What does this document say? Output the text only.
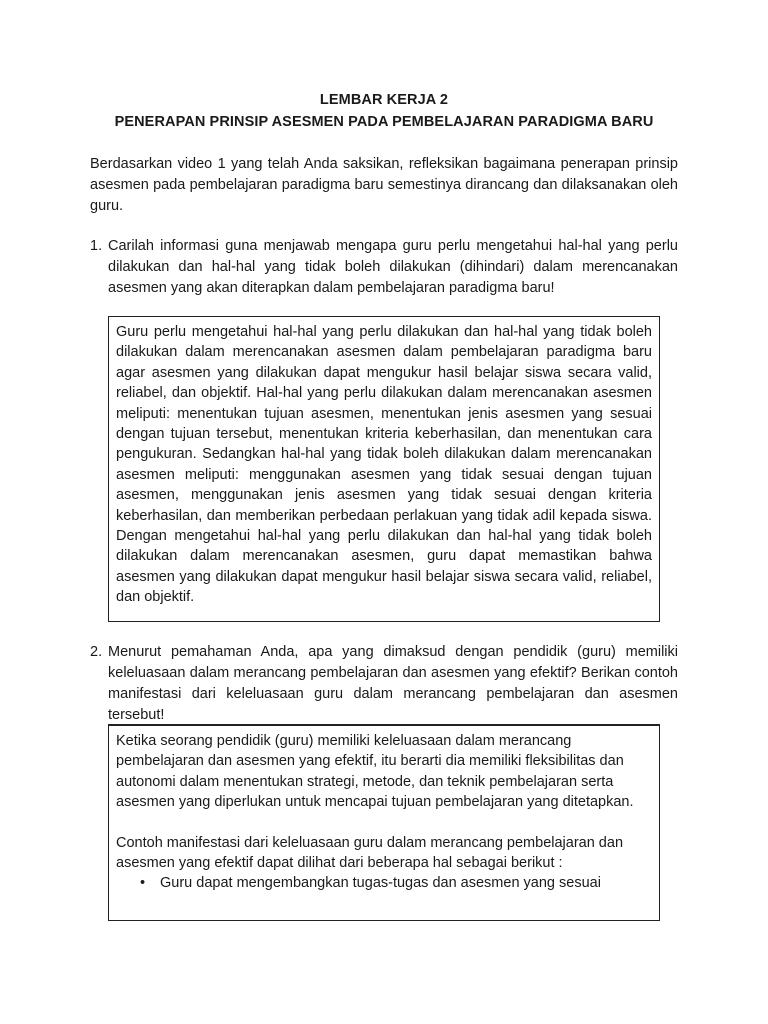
LEMBAR KERJA 2
PENERAPAN PRINSIP ASESMEN PADA PEMBELAJARAN PARADIGMA BARU
Berdasarkan video 1 yang telah Anda saksikan, refleksikan bagaimana penerapan prinsip asesmen pada pembelajaran paradigma baru semestinya dirancang dan dilaksanakan oleh guru.
1. Carilah informasi guna menjawab mengapa guru perlu mengetahui hal-hal yang perlu dilakukan dan hal-hal yang tidak boleh dilakukan (dihindari) dalam merencanakan asesmen yang akan diterapkan dalam pembelajaran paradigma baru!
Guru perlu mengetahui hal-hal yang perlu dilakukan dan hal-hal yang tidak boleh dilakukan dalam merencanakan asesmen dalam pembelajaran paradigma baru agar asesmen yang dilakukan dapat mengukur hasil belajar siswa secara valid, reliabel, dan objektif. Hal-hal yang perlu dilakukan dalam merencanakan asesmen meliputi: menentukan tujuan asesmen, menentukan jenis asesmen yang sesuai dengan tujuan tersebut, menentukan kriteria keberhasilan, dan menentukan cara pengukuran. Sedangkan hal-hal yang tidak boleh dilakukan dalam merencanakan asesmen meliputi: menggunakan asesmen yang tidak sesuai dengan tujuan asesmen, menggunakan jenis asesmen yang tidak sesuai dengan kriteria keberhasilan, dan memberikan perbedaan perlakuan yang tidak adil kepada siswa. Dengan mengetahui hal-hal yang perlu dilakukan dan hal-hal yang tidak boleh dilakukan dalam merencanakan asesmen, guru dapat memastikan bahwa asesmen yang dilakukan dapat mengukur hasil belajar siswa secara valid, reliabel, dan objektif.
2. Menurut pemahaman Anda, apa yang dimaksud dengan pendidik (guru) memiliki keleluasaan dalam merancang pembelajaran dan asesmen yang efektif? Berikan contoh manifestasi dari keleluasaan guru dalam merancang pembelajaran dan asesmen tersebut!

Ketika seorang pendidik (guru) memiliki keleluasaan dalam merancang pembelajaran dan asesmen yang efektif, itu berarti dia memiliki fleksibilitas dan autonomi dalam menentukan strategi, metode, dan teknik pembelajaran serta asesmen yang diperlukan untuk mencapai tujuan pembelajaran yang ditetapkan.

Contoh manifestasi dari keleluasaan guru dalam merancang pembelajaran dan asesmen yang efektif dapat dilihat dari beberapa hal sebagai berikut :

• Guru dapat mengembangkan tugas-tugas dan asesmen yang sesuai
